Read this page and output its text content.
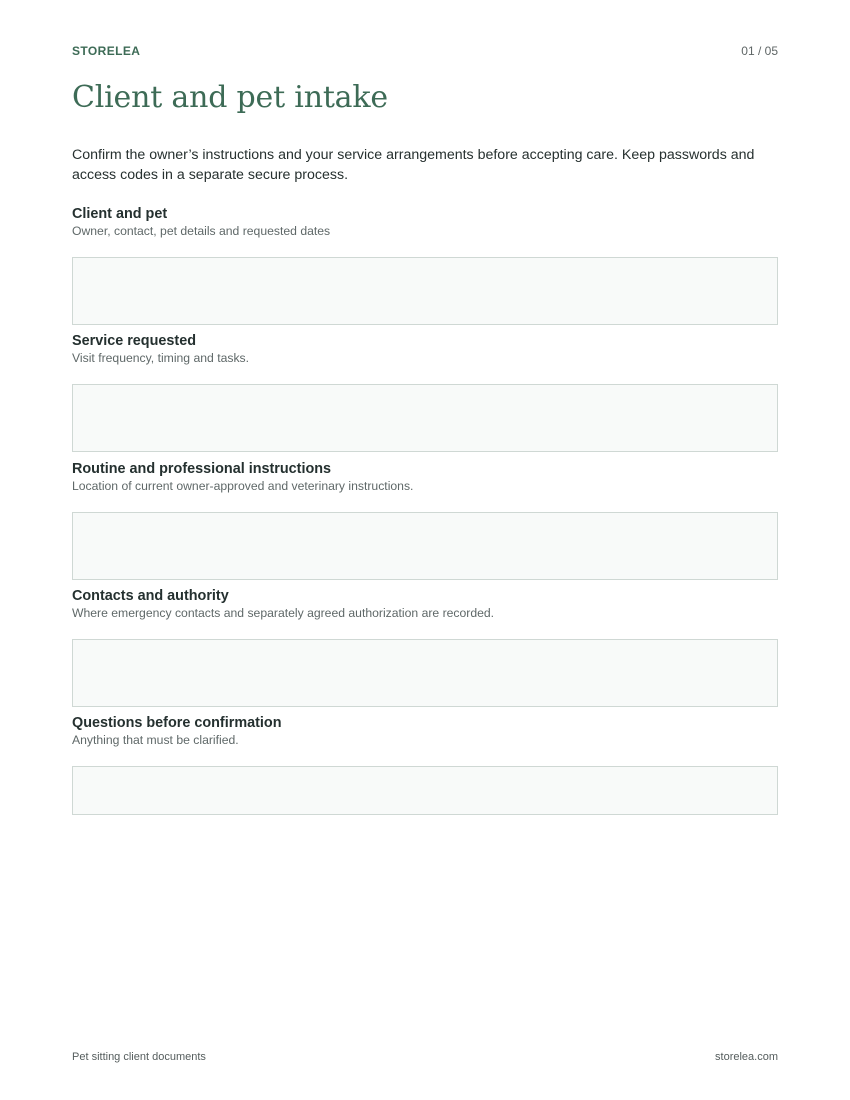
STORELEA	01 / 05
Client and pet intake

Confirm the owner’s instructions and your service arrangements before accepting care. Keep passwords and access codes in a separate secure process.

Client and pet

Owner, contact, pet details and requested dates

Service requested

Visit frequency, timing and tasks.

Routine and professional instructions

Location of current owner-approved and veterinary instructions.

Contacts and authority

Where emergency contacts and separately agreed authorization are recorded.

Questions before confirmation

Anything that must be clarified.

Pet sitting client documents	storelea.com
